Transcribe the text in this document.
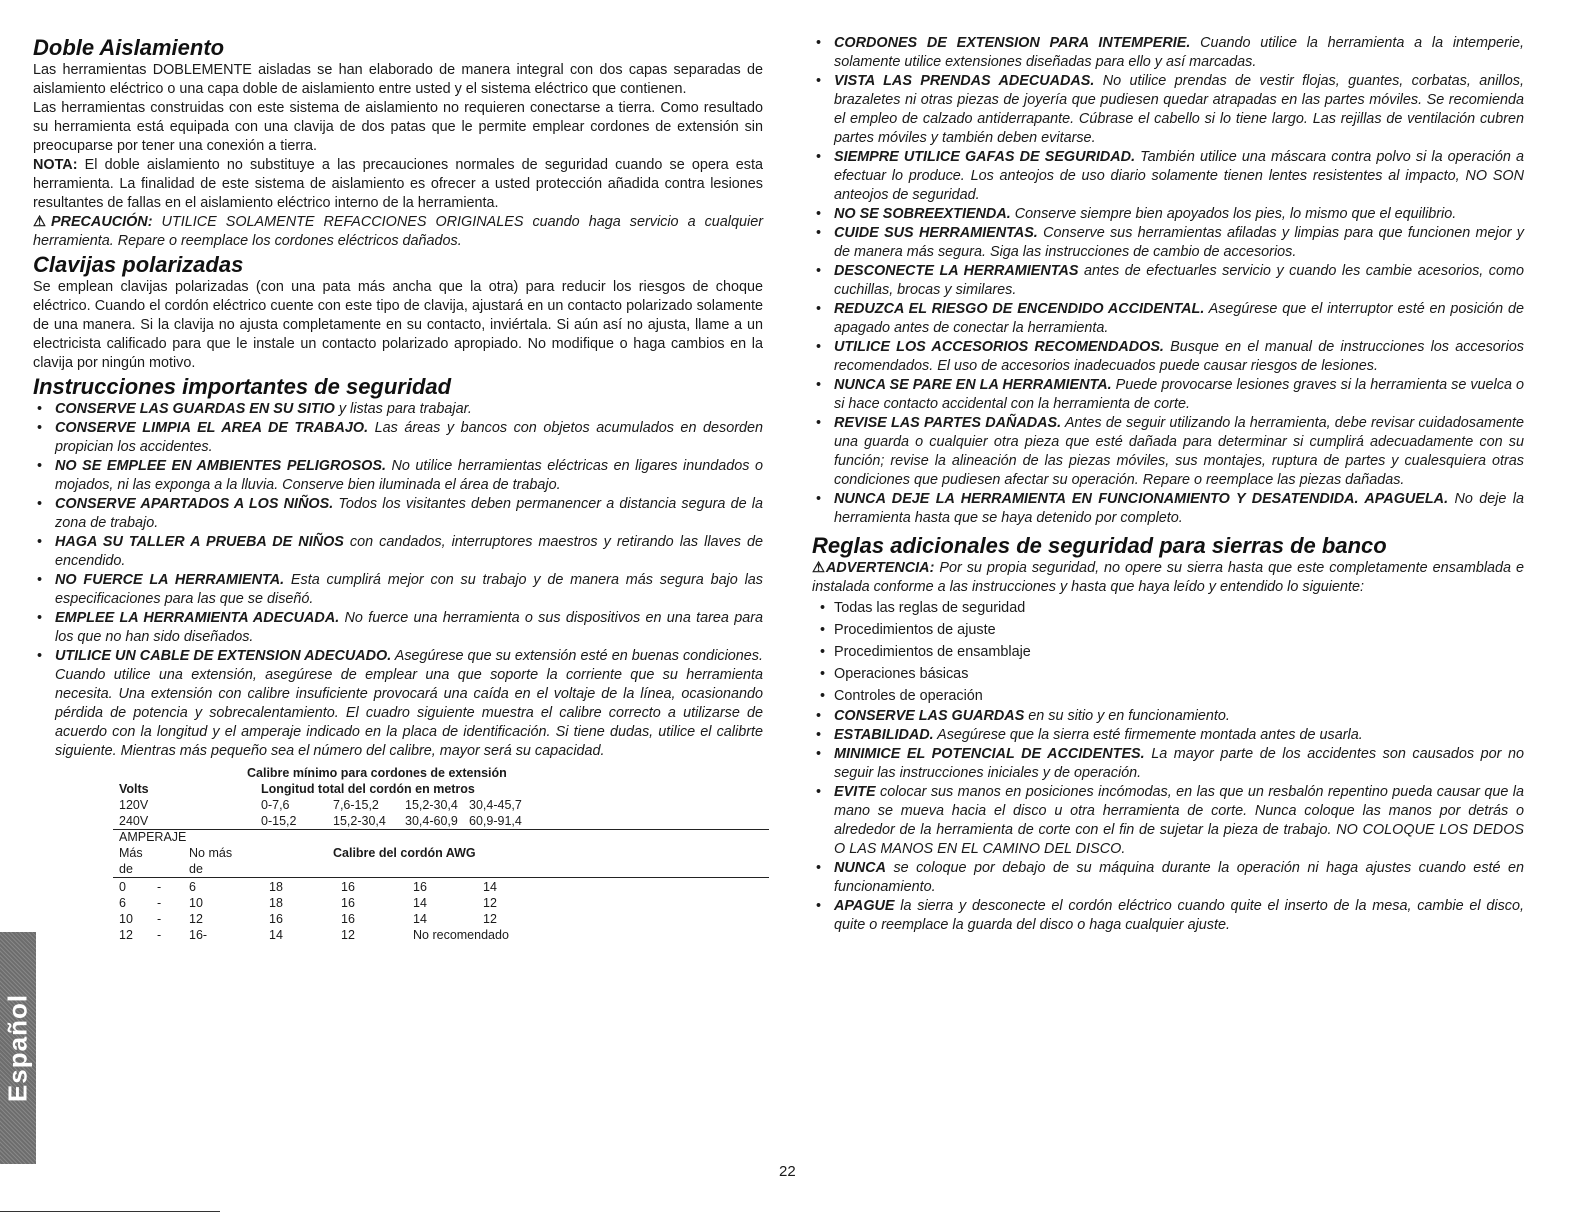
Doble Aislamiento

Las herramientas DOBLEMENTE aisladas se han elaborado de manera integral con dos capas separadas de aislamiento eléctrico o una capa doble de aislamiento entre usted y el sistema eléctrico que contienen.

Las herramientas construidas con este sistema de aislamiento no requieren conectarse a tierra. Como resultado su herramienta está equipada con una clavija de dos patas que le permite emplear cordones de extensión sin preocuparse por tener una conexión a tierra.

NOTA: El doble aislamiento no substituye a las precauciones normales de seguridad cuando se opera esta herramienta. La finalidad de este sistema de aislamiento es ofrecer a usted protección añadida contra lesiones resultantes de fallas en el aislamiento eléctrico interno de la herramienta.

⚠PRECAUCIÓN: UTILICE SOLAMENTE REFACCIONES ORIGINALES cuando haga servicio a cualquier herramienta. Repare o reemplace los cordones eléctricos dañados.

Clavijas polarizadas

Se emplean clavijas polarizadas (con una pata más ancha que la otra) para reducir los riesgos de choque eléctrico. Cuando el cordón eléctrico cuente con este tipo de clavija, ajustará en un contacto polarizado solamente de una manera. Si la clavija no ajusta completamente en su contacto, inviértala. Si aún así no ajusta, llame a un electricista calificado para que le instale un contacto polarizado apropiado. No modifique o haga cambios en la clavija por ningún motivo.

Instrucciones importantes de seguridad
• CONSERVE LAS GUARDAS EN SU SITIO y listas para trabajar.
• CONSERVE LIMPIA EL AREA DE TRABAJO. Las áreas y bancos con objetos acumulados en desorden propician los accidentes.
• NO SE EMPLEE EN AMBIENTES PELIGROSOS. No utilice herramientas eléctricas en ligares inundados o mojados, ni las exponga a la lluvia. Conserve bien iluminada el área de trabajo.
• CONSERVE APARTADOS A LOS NIÑOS. Todos los visitantes deben permanencer a distancia segura de la zona de trabajo.
• HAGA SU TALLER A PRUEBA DE NIÑOS con candados, interruptores maestros y retirando las llaves de encendido.
• NO FUERCE LA HERRAMIENTA. Esta cumplirá mejor con su trabajo y de manera más segura bajo las especificaciones para las que se diseñó.
• EMPLEE LA HERRAMIENTA ADECUADA. No fuerce una herramienta o sus dispositivos en una tarea para los que no han sido diseñados.
• UTILICE UN CABLE DE EXTENSION ADECUADO. Asegúrese que su extensión esté en buenas condiciones. Cuando utilice una extensión, asegúrese de emplear una que soporte la corriente que su herramienta necesita. Una extensión con calibre insuficiente provocará una caída en el voltaje de la línea, ocasionando pérdida de potencia y sobrecalentamiento. El cuadro siguiente muestra el calibre correcto a utilizarse de acuerdo con la longitud y el amperaje indicado en la placa de identificación. Si tiene dudas, utilice el calibrte siguiente. Mientras más pequeño sea el número del calibre, mayor será su capacidad.
Calibre mínimo para cordones de extensión
Volts	Longitud total del cordón en metros
120V	0-7,6	7,6-15,2 15,2-30,4 30,4-45,7
240V	0-15,2	15,2-30,4 30,4-60,9 60,9-91,4
AMPERAJE
Más	No más	Calibre del cordón AWG
de	de
0 - 6	18	16	16	14
6 - 10	18	16	14	12
10 - 12	16	16	14	12
12 - 16-	14	12	No recomendado
• CORDONES DE EXTENSION PARA INTEMPERIE. Cuando utilice la herramienta a la intemperie, solamente utilice extensiones diseñadas para ello y así marcadas.
• VISTA LAS PRENDAS ADECUADAS. No utilice prendas de vestir flojas, guantes, corbatas, anillos, brazaletes ni otras piezas de joyería que pudiesen quedar atrapadas en las partes móviles. Se recomienda el empleo de calzado antiderrapante. Cúbrase el cabello si lo tiene largo. Las rejillas de ventilación cubren partes móviles y también deben evitarse.
• SIEMPRE UTILICE GAFAS DE SEGURIDAD. También utilice una máscara contra polvo si la operación a efectuar lo produce. Los anteojos de uso diario solamente tienen lentes resistentes al impacto, NO SON anteojos de seguridad.
• NO SE SOBREEXTIENDA. Conserve siempre bien apoyados los pies, lo mismo que el equilibrio.
• CUIDE SUS HERRAMIENTAS. Conserve sus herramientas afiladas y limpias para que funcionen mejor y de manera más segura. Siga las instrucciones de cambio de accesorios.
• DESCONECTE LA HERRAMIENTAS antes de efectuarles servicio y cuando les cambie acesorios, como cuchillas, brocas y similares.
• REDUZCA EL RIESGO DE ENCENDIDO ACCIDENTAL. Asegúrese que el interruptor esté en posición de apagado antes de conectar la herramienta.
• UTILICE LOS ACCESORIOS RECOMENDADOS. Busque en el manual de instrucciones los accesorios recomendados. El uso de accesorios inadecuados puede causar riesgos de lesiones.
• NUNCA SE PARE EN LA HERRAMIENTA. Puede provocarse lesiones graves si la herramienta se vuelca o si hace contacto accidental con la herramienta de corte.
• REVISE LAS PARTES DAÑADAS. Antes de seguir utilizando la herramienta, debe revisar cuidadosamente una guarda o cualquier otra pieza que esté dañada para determinar si cumplirá adecuadamente con su función; revise la alineación de las piezas móviles, sus montajes, ruptura de partes y cualesquiera otras condiciones que pudiesen afectar su operación. Repare o reemplace las piezas dañadas.
• NUNCA DEJE LA HERRAMIENTA EN FUNCIONAMIENTO Y DESATENDIDA. APAGUELA. No deje la herramienta hasta que se haya detenido por completo.
Reglas adicionales de seguridad para sierras de banco

⚠ADVERTENCIA: Por su propia seguridad, no opere su sierra hasta que este completamente ensamblada e instalada conforme a las instrucciones y hasta que haya leído y entendido lo siguiente:

• Todas las reglas de seguridad
• Procedimientos de ajuste
• Procedimientos de ensamblaje
• Operaciones básicas
• Controles de operación
• CONSERVE LAS GUARDAS en su sitio y en funcionamiento.
• ESTABILIDAD. Asegúrese que la sierra esté firmemente montada antes de usarla.
• MINIMICE EL POTENCIAL DE ACCIDENTES. La mayor parte de los accidentes son causados por no seguir las instrucciones iniciales y de operación.
• EVITE colocar sus manos en posiciones incómodas, en las que un resbalón repentino pueda causar que la mano se mueva hacia el disco u otra herramienta de corte. Nunca coloque las manos por detrás o alrededor de la herramienta de corte con el fin de sujetar la pieza de trabajo. NO COLOQUE LOS DEDOS O LAS MANOS EN EL CAMINO DEL DISCO.
• NUNCA se coloque por debajo de su máquina durante la operación ni haga ajustes cuando esté en funcionamiento.
• APAGUE la sierra y desconecte el cordón eléctrico cuando quite el inserto de la mesa, cambie el disco, quite o reemplace la guarda del disco o haga cualquier ajuste.
Español
22
